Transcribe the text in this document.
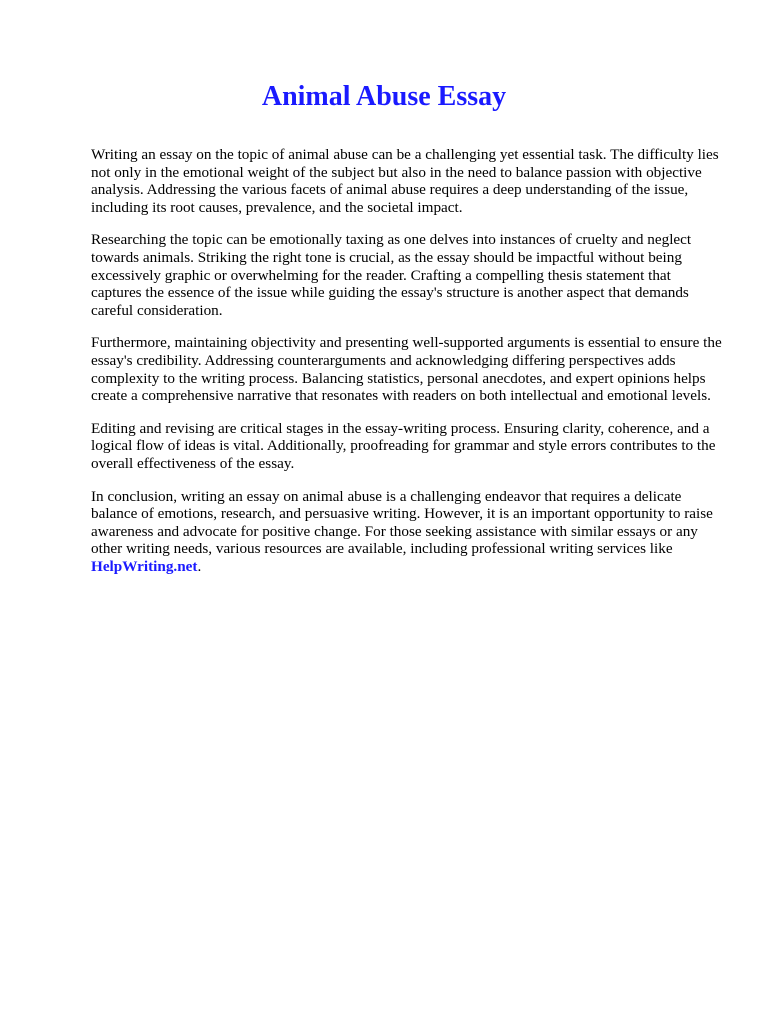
Animal Abuse Essay

Writing an essay on the topic of animal abuse can be a challenging yet essential task. The difficulty lies not only in the emotional weight of the subject but also in the need to balance passion with objective analysis. Addressing the various facets of animal abuse requires a deep understanding of the issue, including its root causes, prevalence, and the societal impact.

Researching the topic can be emotionally taxing as one delves into instances of cruelty and neglect towards animals. Striking the right tone is crucial, as the essay should be impactful without being excessively graphic or overwhelming for the reader. Crafting a compelling thesis statement that captures the essence of the issue while guiding the essay's structure is another aspect that demands careful consideration.

Furthermore, maintaining objectivity and presenting well-supported arguments is essential to ensure the essay's credibility. Addressing counterarguments and acknowledging differing perspectives adds complexity to the writing process. Balancing statistics, personal anecdotes, and expert opinions helps create a comprehensive narrative that resonates with readers on both intellectual and emotional levels.

Editing and revising are critical stages in the essay-writing process. Ensuring clarity, coherence, and a logical flow of ideas is vital. Additionally, proofreading for grammar and style errors contributes to the overall effectiveness of the essay.

In conclusion, writing an essay on animal abuse is a challenging endeavor that requires a delicate balance of emotions, research, and persuasive writing. However, it is an important opportunity to raise awareness and advocate for positive change. For those seeking assistance with similar essays or any other writing needs, various resources are available, including professional writing services like HelpWriting.net.
